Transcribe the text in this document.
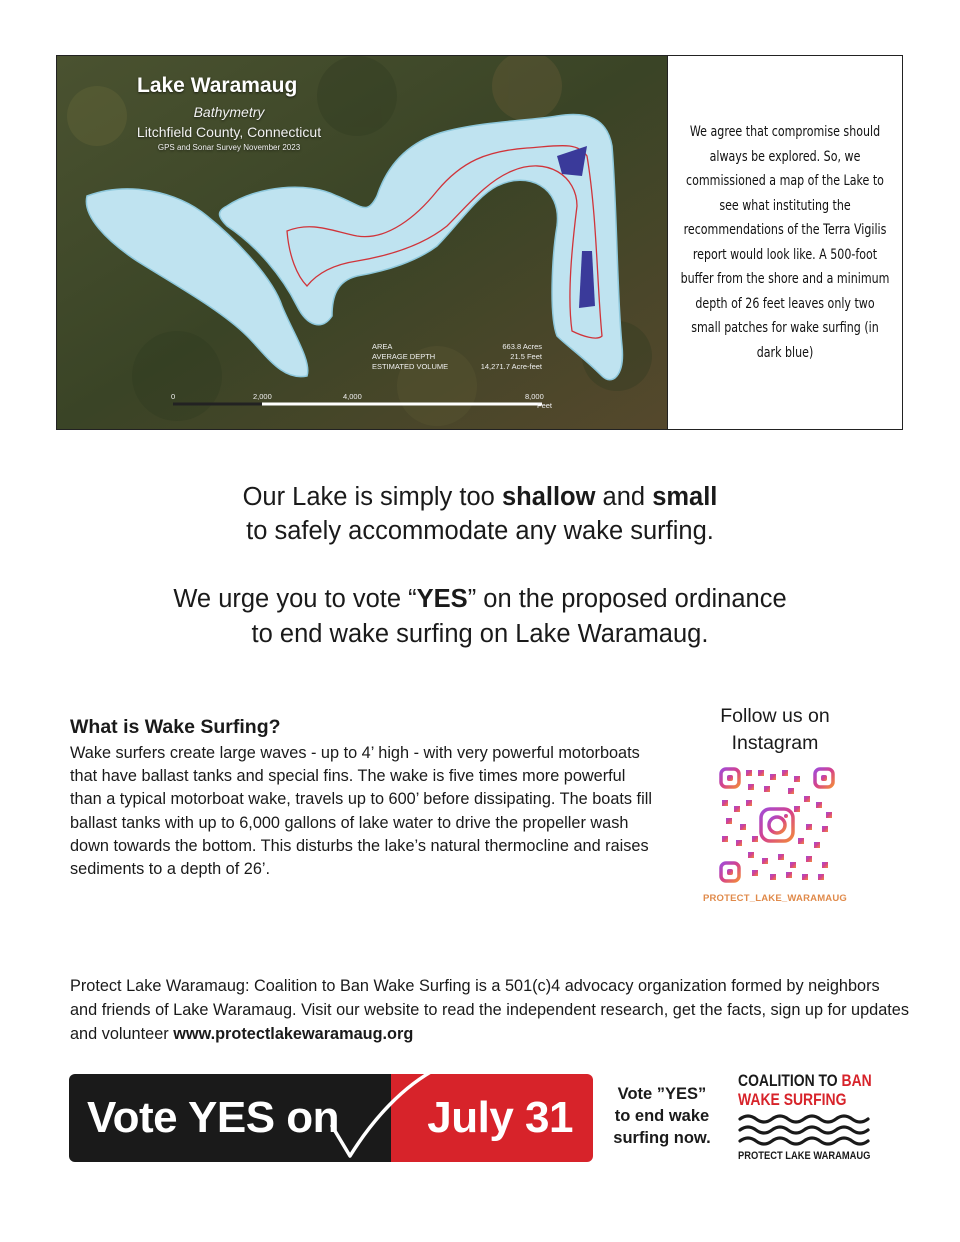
Lake Waramaug
Bathymetry
Litchfield County, Connecticut
GPS and Sonar Survey November 2023
AREA	663.8 Acres
AVERAGE DEPTH	21.5 Feet
ESTIMATED VOLUME	14,271.7 Acre-feet
0	2,000	4,000	8,000
Feet

We agree that compromise should always be explored. So, we commissioned a map of the Lake to see what instituting the recommendations of the Terra Vigilis report would look like. A 500-foot buffer from the shore and a minimum depth of 26 feet leaves only two small patches for wake surfing (in dark blue)

Our Lake is simply too shallow and small
to safely accommodate any wake surfing.
We urge you to vote “YES” on the proposed ordinance
to end wake surfing on Lake Waramaug.
What is Wake Surfing?

Wake surfers create large waves - up to 4’ high - with very powerful motorboats that have ballast tanks and special fins. The wake is five times more powerful than a typical motorboat wake, travels up to 600’ before dissipating. The boats fill ballast tanks with up to 6,000 gallons of lake water to drive the propeller wash down towards the bottom. This disturbs the lake’s natural thermocline and raises sediments to a depth of 26’.

Follow us on
Instagram
PROTECT_LAKE_WARAMAUG

Protect Lake Waramaug: Coalition to Ban Wake Surfing is a 501(c)4 advocacy organization formed by neighbors and friends of Lake Waramaug. Visit our website to read the independent research, get the facts, sign up for updates and volunteer www.protectlakewaramaug.org

Vote YES on	July 31	Vote ”YES”
to end wake
surfing now.
COALITION TO BAN
WAKE SURFING
PROTECT LAKE WARAMAUG
